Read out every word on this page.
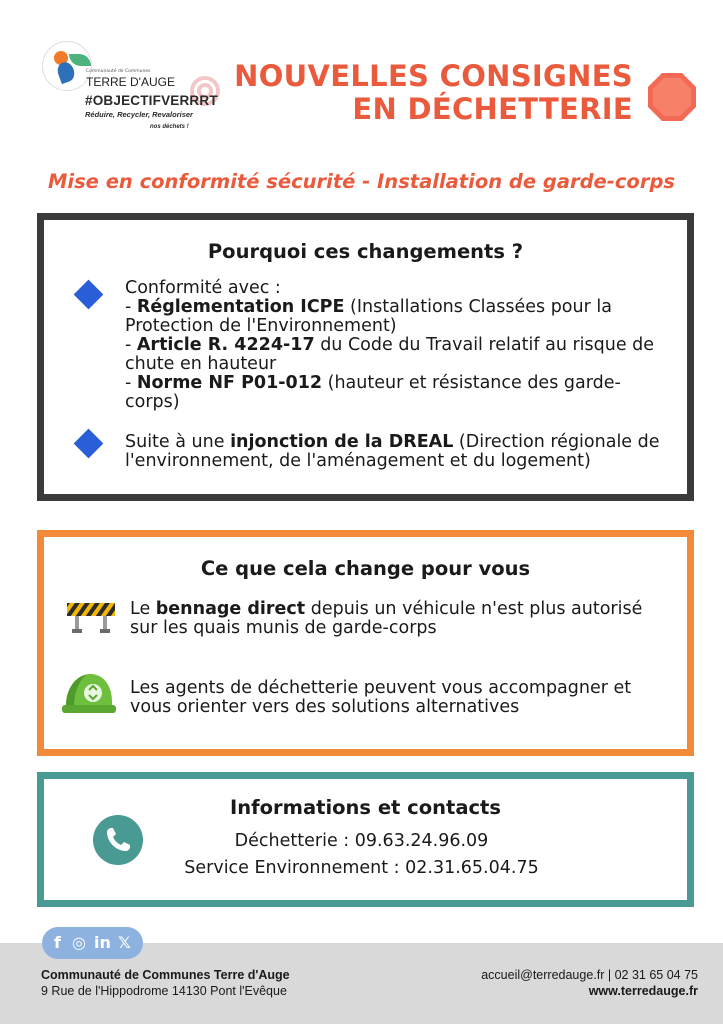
Communauté de Communes
TERRE D'AUGE
#OBJECTIFVERRRT
Réduire, Recycler, Revaloriser
nos déchets !
NOUVELLES CONSIGNES
EN DÉCHETTERIE
Mise en conformité sécurité - Installation de garde-corps
Pourquoi ces changements ?
Conformité avec :
- Réglementation ICPE (Installations Classées pour la Protection de l'Environnement)
- Article R. 4224-17 du Code du Travail relatif au risque de chute en hauteur
- Norme NF P01-012 (hauteur et résistance des garde-corps)
Suite à une injonction de la DREAL (Direction régionale de l'environnement, de l'aménagement et du logement)
Ce que cela change pour vous
Le bennage direct depuis un véhicule n'est plus autorisé sur les quais munis de garde-corps
Les agents de déchetterie peuvent vous accompagner et vous orienter vers des solutions alternatives
Informations et contacts
Déchetterie : 09.63.24.96.09
Service Environnement : 02.31.65.04.75
f ◎ in 𝕏
Communauté de Communes Terre d'Auge
9 Rue de l'Hippodrome 14130 Pont l'Evêque
accueil@terredauge.fr | 02 31 65 04 75
www.terredauge.fr
